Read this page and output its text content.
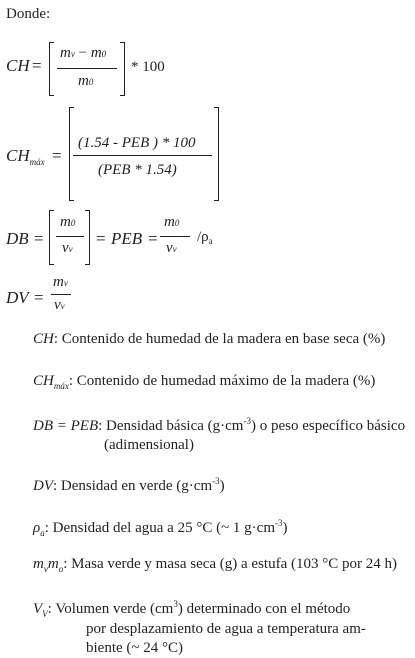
Donde:
CH =
mv − m0
m0
* 100
$CH_{máx}$ =
(1.54 - PEB ) * 100
(PEB * 1.54)
DB =
m0
νν
= PEB =
m0
vv
$/\rho_a$
DV =
mv
vv
CH: Contenido de humedad de la madera en base seca (%)
$CH_{máx}$: Contenido de humedad máximo de la madera (%)
DB = PEB: Densidad básica $(g\cdot cm^{-3})$ o peso específico básico
(adimensional)
DV: Densidad en verde $(g\cdot cm^{-3})$
$\rho_a$: Densidad del agua a 25 °C (~ 1 $g\cdot cm^{-3}$)
$m_vm_o$: Masa verde y masa seca (g) a estufa (103 °C por 24 h)
$V_V$: Volumen verde $(cm^3)$ determinado con el método
por desplazamiento de agua a temperatura am-
biente (~ 24 °C)
